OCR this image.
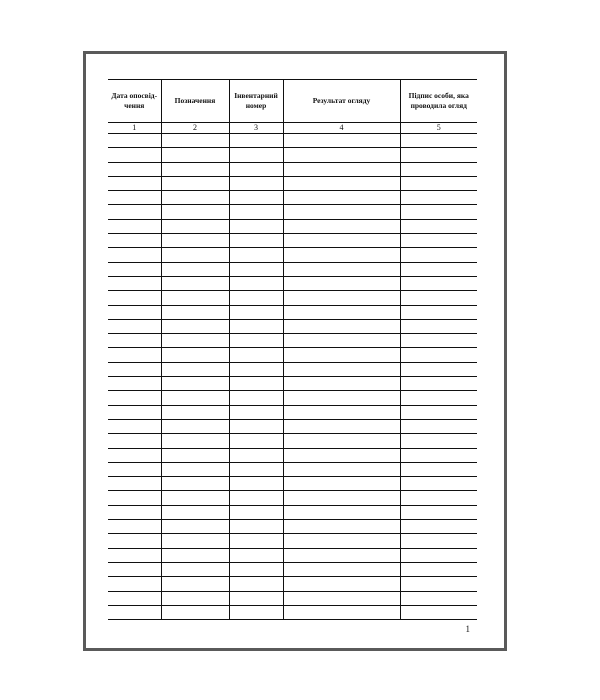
Дата опосвід-чення	Позначення	Інвентарний номер	Результат огляду	Підпис особи, яка проводила огляд
1	2	3	4	5

1
